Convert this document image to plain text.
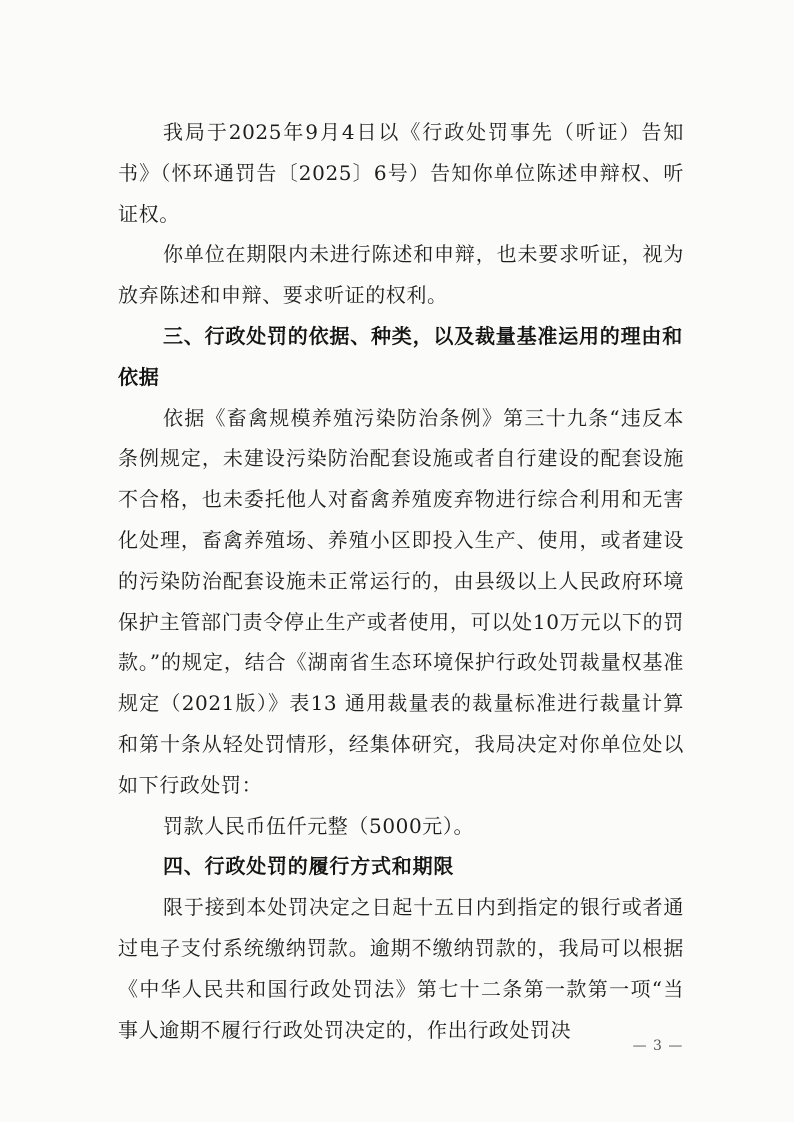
我局于2025年9月4日以《行政处罚事先（听证）告知书》（怀环通罚告〔2025〕6号）告知你单位陈述申辩权、听证权。

你单位在期限内未进行陈述和申辩，也未要求听证，视为放弃陈述和申辩、要求听证的权利。

三、行政处罚的依据、种类，以及裁量基准运用的理由和依据

依据《畜禽规模养殖污染防治条例》第三十九条“违反本条例规定，未建设污染防治配套设施或者自行建设的配套设施不合格，也未委托他人对畜禽养殖废弃物进行综合利用和无害化处理，畜禽养殖场、养殖小区即投入生产、使用，或者建设的污染防治配套设施未正常运行的，由县级以上人民政府环境保护主管部门责令停止生产或者使用，可以处10万元以下的罚款。”的规定，结合《湖南省生态环境保护行政处罚裁量权基准规定（2021版）》表13 通用裁量表的裁量标准进行裁量计算和第十条从轻处罚情形，经集体研究，我局决定对你单位处以如下行政处罚：

罚款人民币伍仟元整（5000元）。

四、行政处罚的履行方式和期限

限于接到本处罚决定之日起十五日内到指定的银行或者通过电子支付系统缴纳罚款。逾期不缴纳罚款的，我局可以根据《中华人民共和国行政处罚法》第七十二条第一款第一项“当事人逾期不履行行政处罚决定的，作出行政处罚决

— 3 —
